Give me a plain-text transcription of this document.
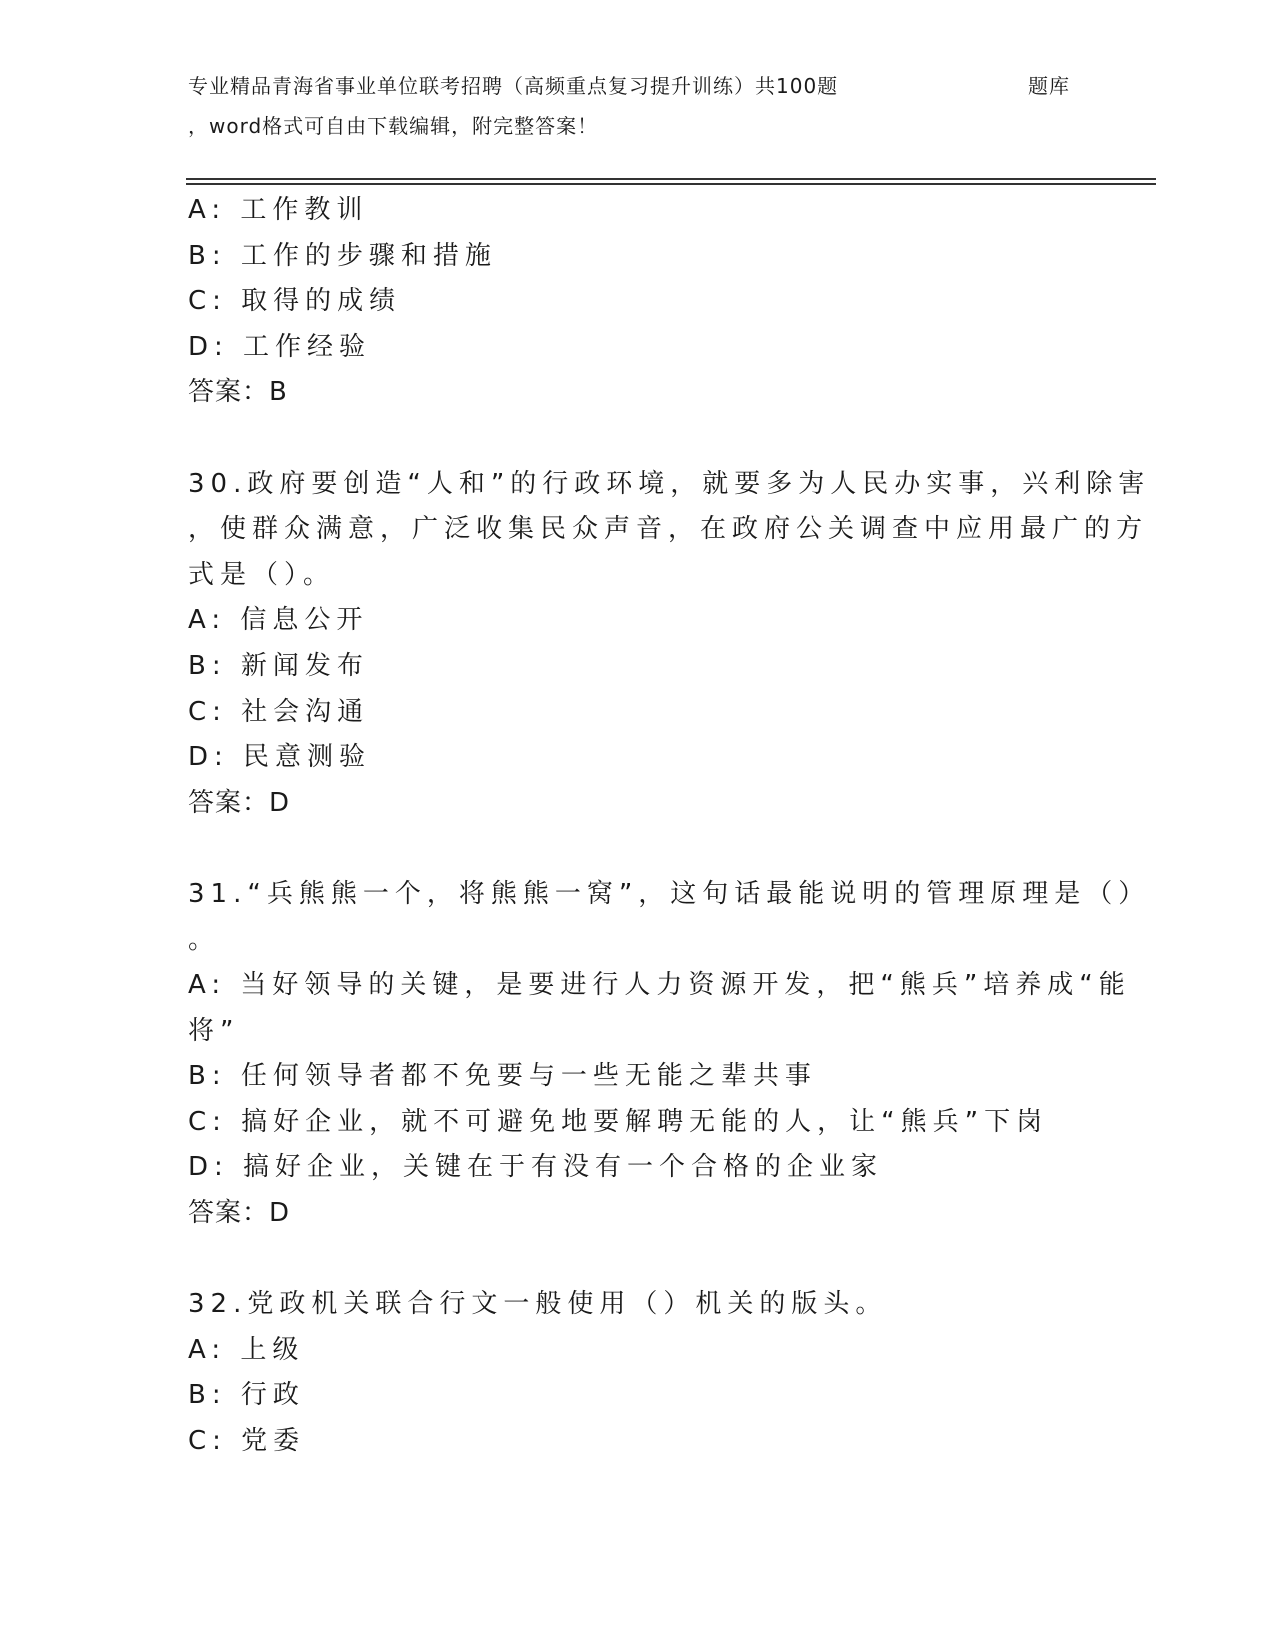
专业精品青海省事业单位联考招聘（高频重点复习提升训练）共100题	题库
，word格式可自由下载编辑，附完整答案！
A: 工作教训
B: 工作的步骤和措施
C: 取得的成绩
D: 工作经验
答案：B
30.政府要创造“人和”的行政环境，就要多为人民办实事，兴利除害
，使群众满意，广泛收集民众声音，在政府公关调查中应用最广的方
式是（）。
A: 信息公开
B: 新闻发布
C: 社会沟通
D: 民意测验
答案：D
31.“兵熊熊一个，将熊熊一窝”，这句话最能说明的管理原理是（）
。
A: 当好领导的关键，是要进行人力资源开发，把“熊兵”培养成“能
将”
B: 任何领导者都不免要与一些无能之辈共事
C: 搞好企业，就不可避免地要解聘无能的人，让“熊兵”下岗
D: 搞好企业，关键在于有没有一个合格的企业家
答案：D
32.党政机关联合行文一般使用（）机关的版头。
A: 上级
B: 行政
C: 党委
